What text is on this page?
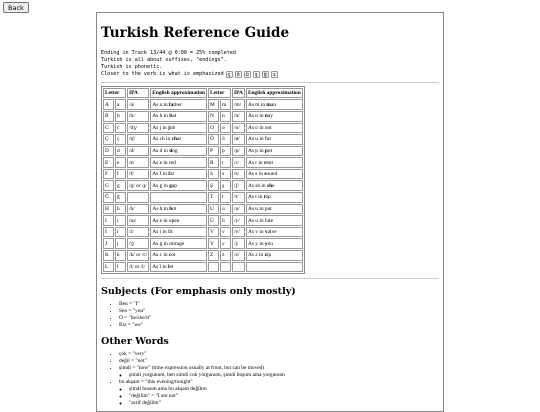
Back
Turkish Reference Guide
Ending in Track 13/44 @ 0:00 = 25% completed
Turkish is all about suffixes, "endings".
Turkish is phonetic.
Closer to the verb is what is emphasized ç	ö	ü	ş	ğ	ı
Letter		IPA	English approximation	Letter		IPA	English approximation
A	a	/a/	As a in father	M	m	/m/	As m in man
B	b	/b/	As b in bat	N	n	/n/	As n in nay
C	c	/dʒ/	As j in job	O	o	/o/	As o in not
Ç	ç	/tʃ/	As ch in chat	Ö	ö	/ø/	As u in fur
D	d	/d/	As d in dog	P	p	/p/	As p in pot
E	e	/e/	As e in red	R	r	/ɾ/	As r in rent
F	f	/f/	As f in far	S	s	/s/	As s in sound
G	g	/ɡ/ or /ɟ/	As g in gap	Ş	ş	/ʃ/	As sh in she
Ğ	ğ			T	t	/t/	As t in top
H	h	/h/	As h in hot	U	u	/u/	As u in put
I	ı	/ɯ/	As e in open	Ü	ü	/y/	As u in lute
İ	i	/i/	As i in fit	V	v	/v/	As v in valve
J	j	/ʒ/	As g in mirage	Y	y	/j/	As y in you
K	k	/k/ or /c/	As c in cot	Z	z	/z/	As z in zip
L	l	/ɫ/ or /l/	As l in let				
Subjects (For emphasis only mostly)
• Ben = "I"
• Sen = "you"
• O = "he/she/it"
• Biz = "we"
Other Words
• çok = "very"
• değil = "not"
• şimdi = "now" (time expression usually at front, but can be moved)
◦ şimdi yorgunum, ben simdi cok yorgunum, şimdi boşum ama yorgunum
• bu akşam = "this evening/tonight"
◦ şimdi bosum ama bu akşam değilim
◦ "değilim" = "I am not"
◦ "actif değilim"
